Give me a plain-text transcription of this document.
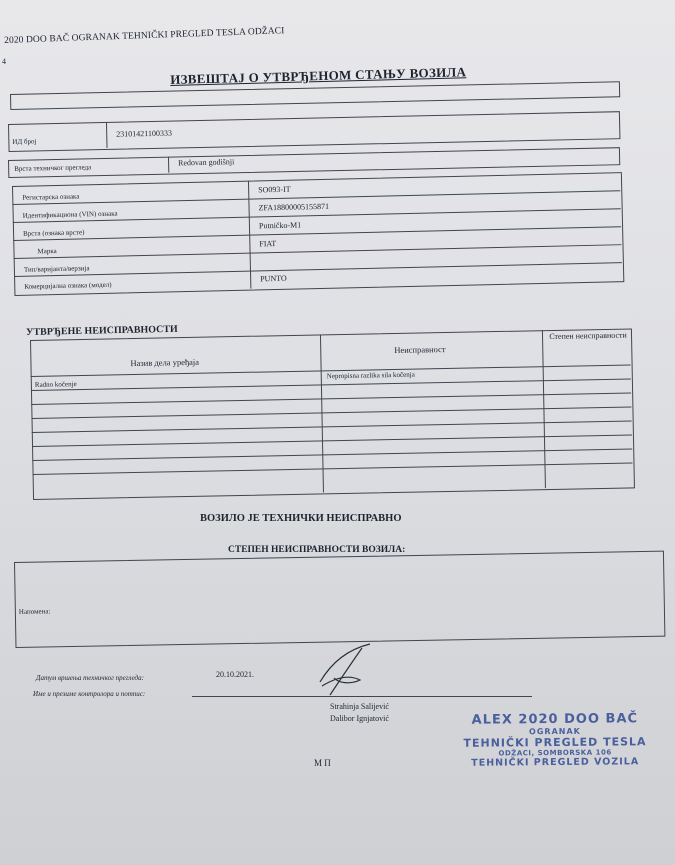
2020 DOO BAČ OGRANAK TEHNIČKI PREGLED TESLA ODŽACI
4
ИЗВЕШТАЈ О УТВРЂЕНОМ СТАЊУ ВОЗИЛА
ИД број
23101421100333
Врста техничког прегледа
Redovan godišnji
Регистарска ознака
SO093-IT
Идентификациона (VIN) ознака
ZFA18800005155871
Врста (ознака врсте)
Putničko-M1
Марка
FIAT
Тип/варијанта/верзија
Комерцијална ознака (модел)
PUNTO
УТВРЂЕНЕ НЕИСПРАВНОСТИ
Назив дела уређаја
Неисправност
Степен неисправности
Radno kočenje
Nepropisna razlika sila kočenja
ВОЗИЛО ЈЕ ТЕХНИЧКИ НЕИСПРАВНО
СТЕПЕН НЕИСПРАВНОСТИ ВОЗИЛА:
Напомена:
Датум вршења техничког прегледа:	20.10.2021.
Име и презиме контролора и потпис:
Strahinja Salijević
Dalibor Ignjatović
М П
ALEX 2020 DOO BAČ
OGRANAK
TEHNIČKI PREGLED TESLA
ODŽACI, SOMBORSKA 106
TEHNIČKI PREGLED VOZILA
